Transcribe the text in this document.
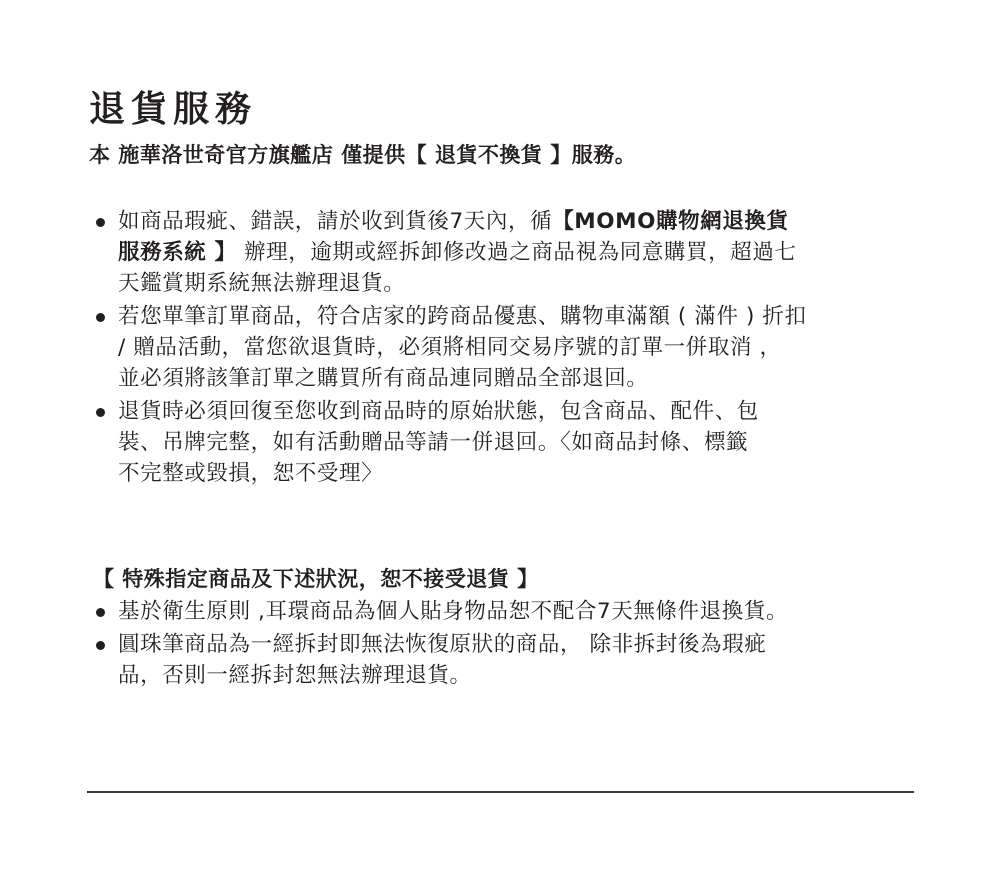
退貨服務

本 施華洛世奇官方旗艦店 僅提供【 退貨不換貨 】服務。

如商品瑕疵、錯誤，請於收到貨後7天內，循【MOMO購物網退換貨
服務系統 】 辦理，逾期或經拆卸修改過之商品視為同意購買，超過七
天鑑賞期系統無法辦理退貨。
若您單筆訂單商品，符合店家的跨商品優惠、購物車滿額 ( 滿件 ) 折扣
/ 贈品活動，當您欲退貨時，必須將相同交易序號的訂單一併取消 ，
並必須將該筆訂單之購買所有商品連同贈品全部退回。
退貨時必須回復至您收到商品時的原始狀態，包含商品、配件、包
裝、吊牌完整，如有活動贈品等請一併退回。〈如商品封條、標籤
不完整或毀損，恕不受理〉

【 特殊指定商品及下述狀況，恕不接受退貨 】

基於衛生原則 ,耳環商品為個人貼身物品恕不配合7天無條件退換貨。
圓珠筆商品為一經拆封即無法恢復原狀的商品， 除非拆封後為瑕疵
品，否則一經拆封恕無法辦理退貨。
